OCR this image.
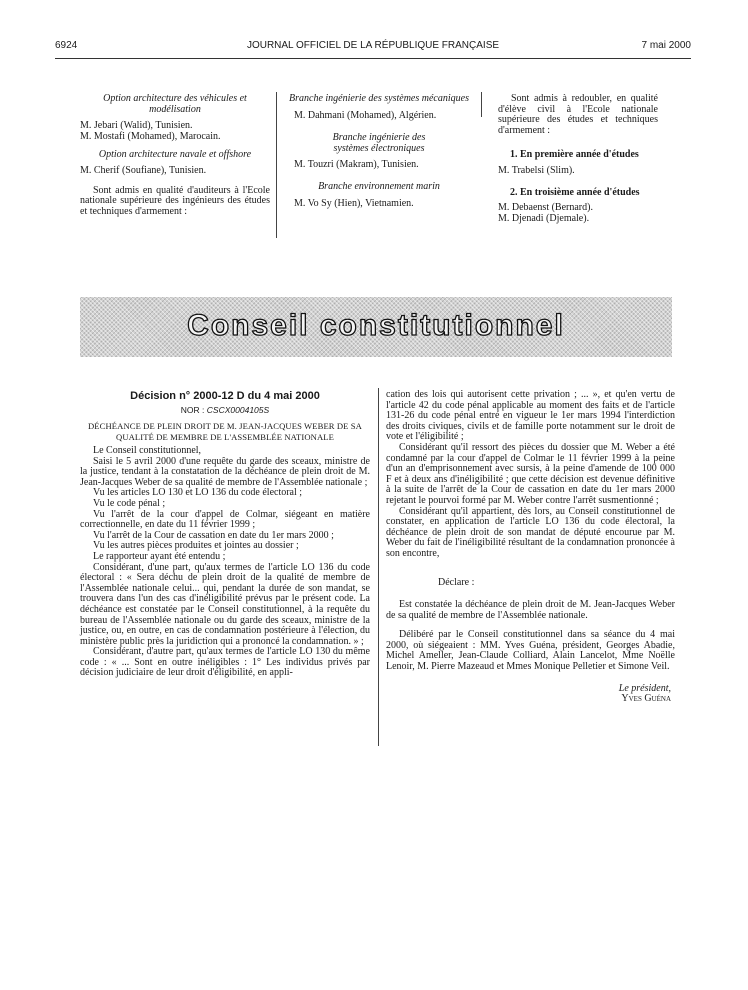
6924	JOURNAL OFFICIEL DE LA RÉPUBLIQUE FRANÇAISE	7 mai 2000

Option architecture des véhicules et modélisation

M. Jebari (Walid), Tunisien.

M. Mostafi (Mohamed), Marocain.

Option architecture navale et offshore

M. Cherif (Soufiane), Tunisien.

Sont admis en qualité d'auditeurs à l'Ecole nationale supérieure des ingénieurs des études et techniques d'armement :

Branche ingénierie des systèmes mécaniques

M. Dahmani (Mohamed), Algérien.

Branche ingénierie des systèmes électroniques

M. Touzri (Makram), Tunisien.

Branche environnement marin

M. Vo Sy (Hien), Vietnamien.

Sont admis à redoubler, en qualité d'élève civil à l'Ecole nationale supérieure des études et techniques d'armement :

1. En première année d'études

M. Trabelsi (Slim).

2. En troisième année d'études

M. Debaenst (Bernard).

M. Djenadi (Djemale).

Conseil constitutionnel
Décision n° 2000-12 D du 4 mai 2000

NOR : CSCX0004105S

DÉCHÉANCE DE PLEIN DROIT DE M. JEAN-JACQUES WEBER DE SA QUALITÉ DE MEMBRE DE L'ASSEMBLÉE NATIONALE

Le Conseil constitutionnel,

Saisi le 5 avril 2000 d'une requête du garde des sceaux, ministre de la justice, tendant à la constatation de la déchéance de plein droit de M. Jean-Jacques Weber de sa qualité de membre de l'Assemblée nationale ;

Vu les articles LO 130 et LO 136 du code électoral ;

Vu le code pénal ;

Vu l'arrêt de la cour d'appel de Colmar, siégeant en matière correctionnelle, en date du 11 février 1999 ;

Vu l'arrêt de la Cour de cassation en date du 1er mars 2000 ;

Vu les autres pièces produites et jointes au dossier ;

Le rapporteur ayant été entendu ;

Considérant, d'une part, qu'aux termes de l'article LO 136 du code électoral : « Sera déchu de plein droit de la qualité de membre de l'Assemblée nationale celui... qui, pendant la durée de son mandat, se trouvera dans l'un des cas d'inéligibilité prévus par le présent code. La déchéance est constatée par le Conseil constitutionnel, à la requête du bureau de l'Assemblée nationale ou du garde des sceaux, ministre de la justice, ou, en outre, en cas de condamnation postérieure à l'élection, du ministère public près la juridiction qui a prononcé la condamnation. » ;

Considérant, d'autre part, qu'aux termes de l'article LO 130 du même code : « ... Sont en outre inéligibles : 1° Les individus privés par décision judiciaire de leur droit d'éligibilité, en appli-

cation des lois qui autorisent cette privation ; ... », et qu'en vertu de l'article 42 du code pénal applicable au moment des faits et de l'article 131-26 du code pénal entré en vigueur le 1er mars 1994 l'interdiction des droits civiques, civils et de famille porte notamment sur le droit de vote et l'éligibilité ;

Considérant qu'il ressort des pièces du dossier que M. Weber a été condamné par la cour d'appel de Colmar le 11 février 1999 à la peine d'un an d'emprisonnement avec sursis, à la peine d'amende de 100 000 F et à deux ans d'inéligibilité ; que cette décision est devenue définitive à la suite de l'arrêt de la Cour de cassation en date du 1er mars 2000 rejetant le pourvoi formé par M. Weber contre l'arrêt susmentionné ;

Considérant qu'il appartient, dès lors, au Conseil constitutionnel de constater, en application de l'article LO 136 du code électoral, la déchéance de plein droit de son mandat de député encourue par M. Weber du fait de l'inéligibilité résultant de la condamnation prononcée à son encontre,

Déclare :

Est constatée la déchéance de plein droit de M. Jean-Jacques Weber de sa qualité de membre de l'Assemblée nationale.

Délibéré par le Conseil constitutionnel dans sa séance du 4 mai 2000, où siégeaient : MM. Yves Guéna, président, Georges Abadie, Michel Ameller, Jean-Claude Colliard, Alain Lancelot, Mme Noëlle Lenoir, M. Pierre Mazeaud et Mmes Monique Pelletier et Simone Veil.

Le président,

Yves Guéna
